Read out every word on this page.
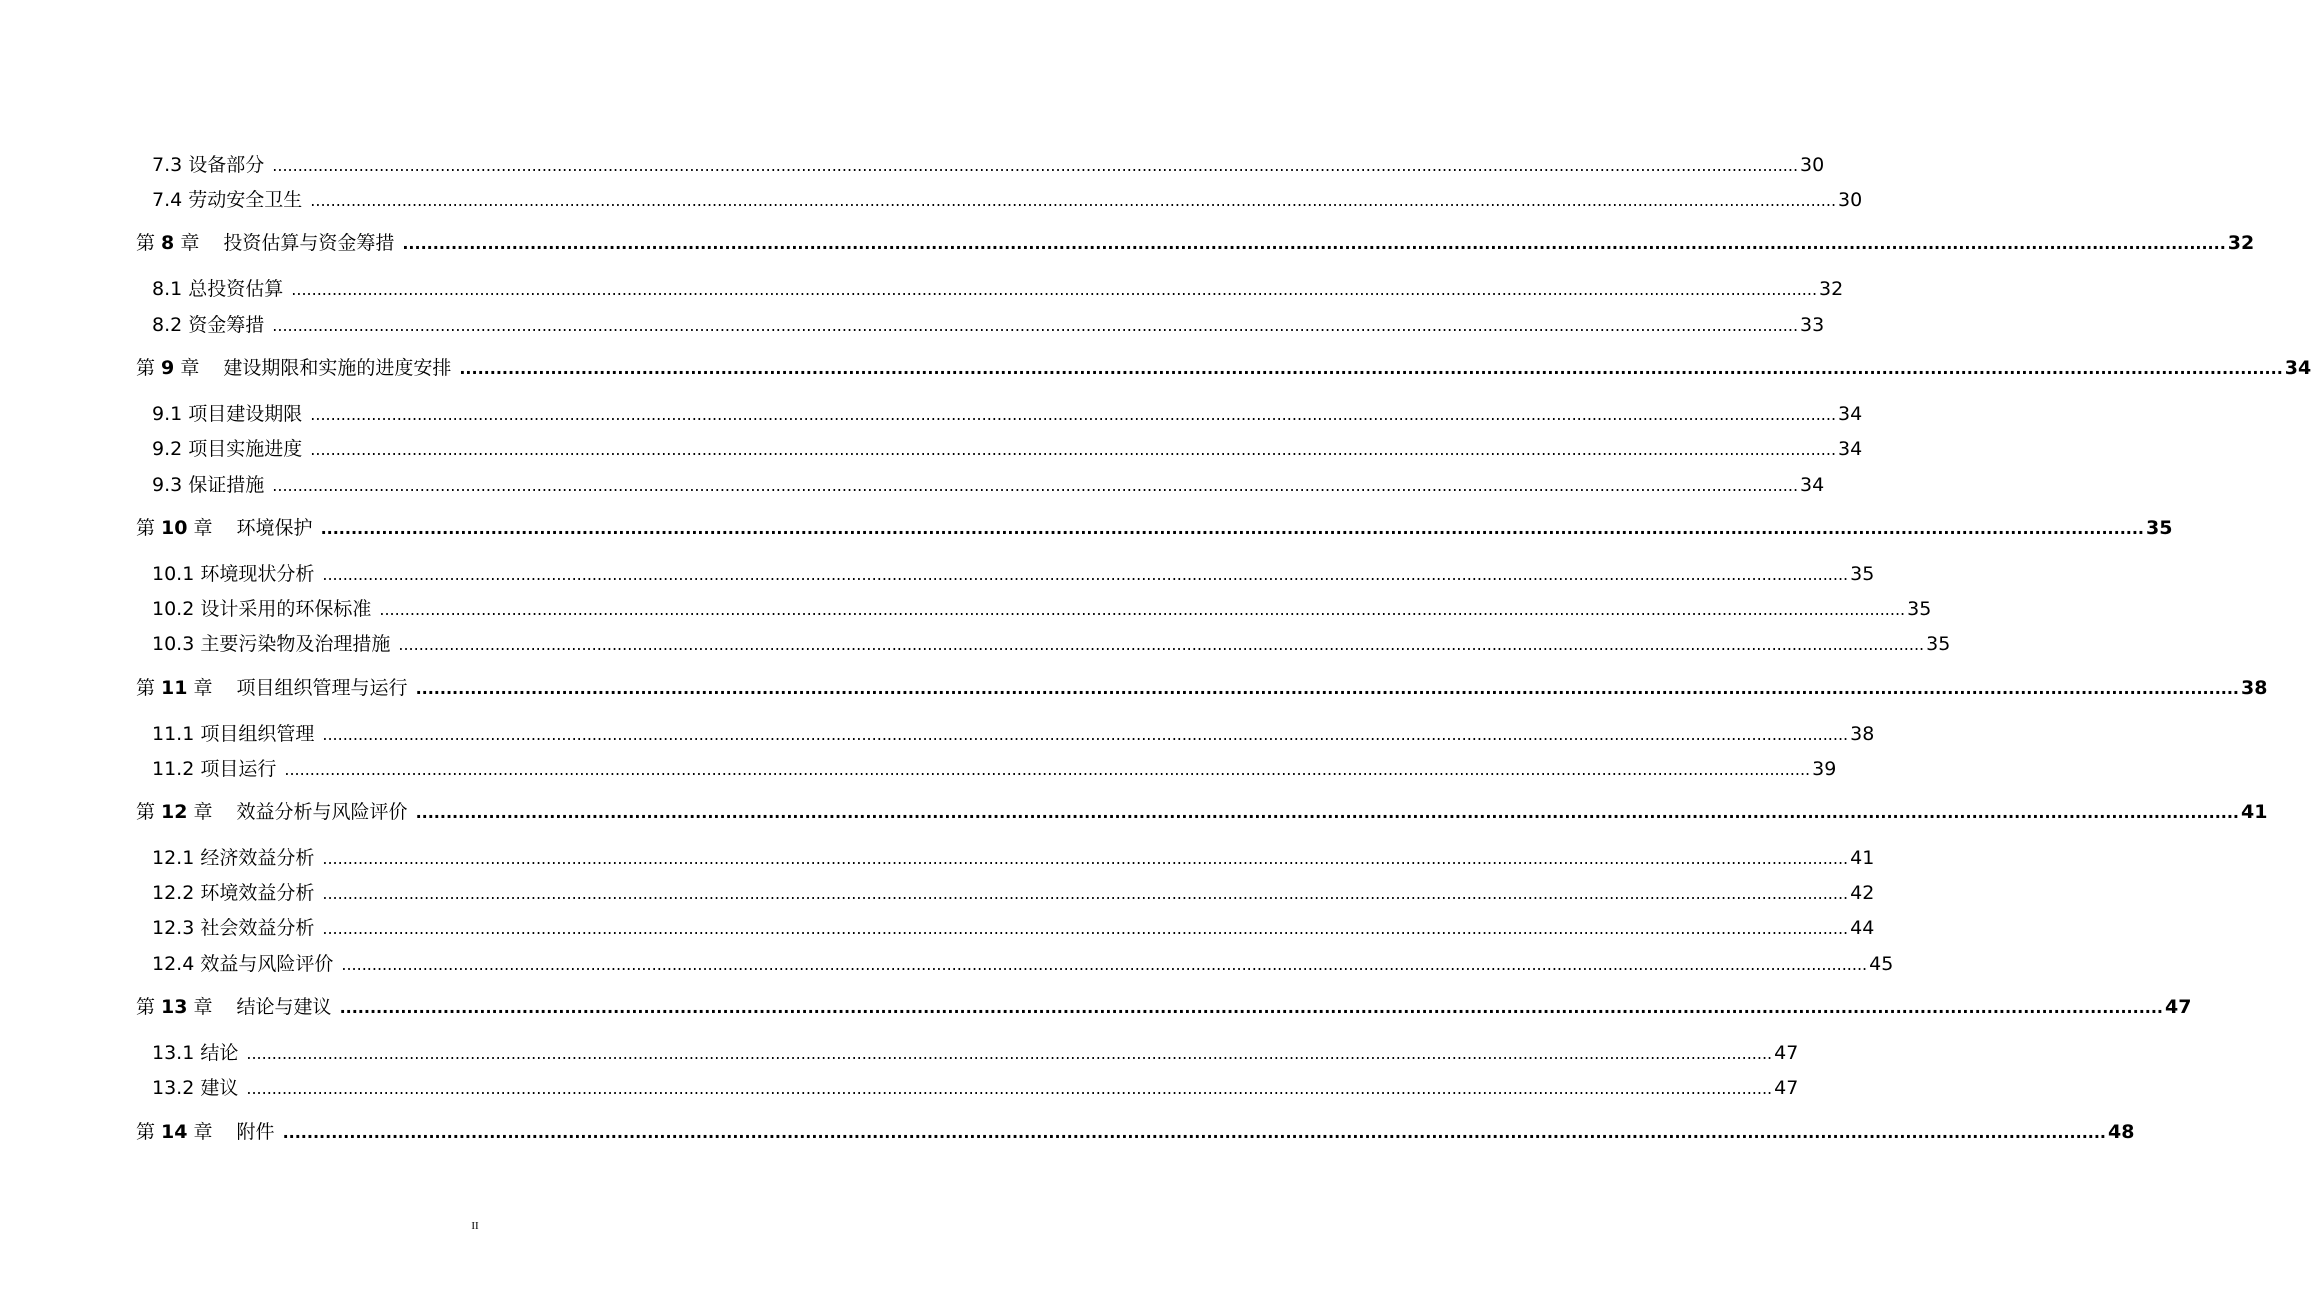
7.3 设备部分 ............................................................................................................................................................................................................................................................................................................ 30
7.4 劳动安全卫生 ............................................................................................................................................................................................................................................................................................................ 30
第 8 章 投资估算与资金筹措 ............................................................................................................................................................................................................................................................................................................ 32
8.1 总投资估算 ............................................................................................................................................................................................................................................................................................................ 32
8.2 资金筹措 ............................................................................................................................................................................................................................................................................................................ 33
第 9 章 建设期限和实施的进度安排 ............................................................................................................................................................................................................................................................................................................ 34
9.1 项目建设期限 ............................................................................................................................................................................................................................................................................................................ 34
9.2 项目实施进度 ............................................................................................................................................................................................................................................................................................................ 34
9.3 保证措施 ............................................................................................................................................................................................................................................................................................................ 34
第 10 章 环境保护 ............................................................................................................................................................................................................................................................................................................ 35
10.1 环境现状分析 ............................................................................................................................................................................................................................................................................................................ 35
10.2 设计采用的环保标准 ............................................................................................................................................................................................................................................................................................................ 35
10.3 主要污染物及治理措施 ............................................................................................................................................................................................................................................................................................................ 35
第 11 章 项目组织管理与运行 ............................................................................................................................................................................................................................................................................................................ 38
11.1 项目组织管理 ............................................................................................................................................................................................................................................................................................................ 38
11.2 项目运行 ............................................................................................................................................................................................................................................................................................................ 39
第 12 章 效益分析与风险评价 ............................................................................................................................................................................................................................................................................................................ 41
12.1 经济效益分析 ............................................................................................................................................................................................................................................................................................................ 41
12.2 环境效益分析 ............................................................................................................................................................................................................................................................................................................ 42
12.3 社会效益分析 ............................................................................................................................................................................................................................................................................................................ 44
12.4 效益与风险评价 ............................................................................................................................................................................................................................................................................................................ 45
第 13 章 结论与建议 ............................................................................................................................................................................................................................................................................................................ 47
13.1 结论 ............................................................................................................................................................................................................................................................................................................ 47
13.2 建议 ............................................................................................................................................................................................................................................................................................................ 47
第 14 章 附件 ............................................................................................................................................................................................................................................................................................................ 48
II
